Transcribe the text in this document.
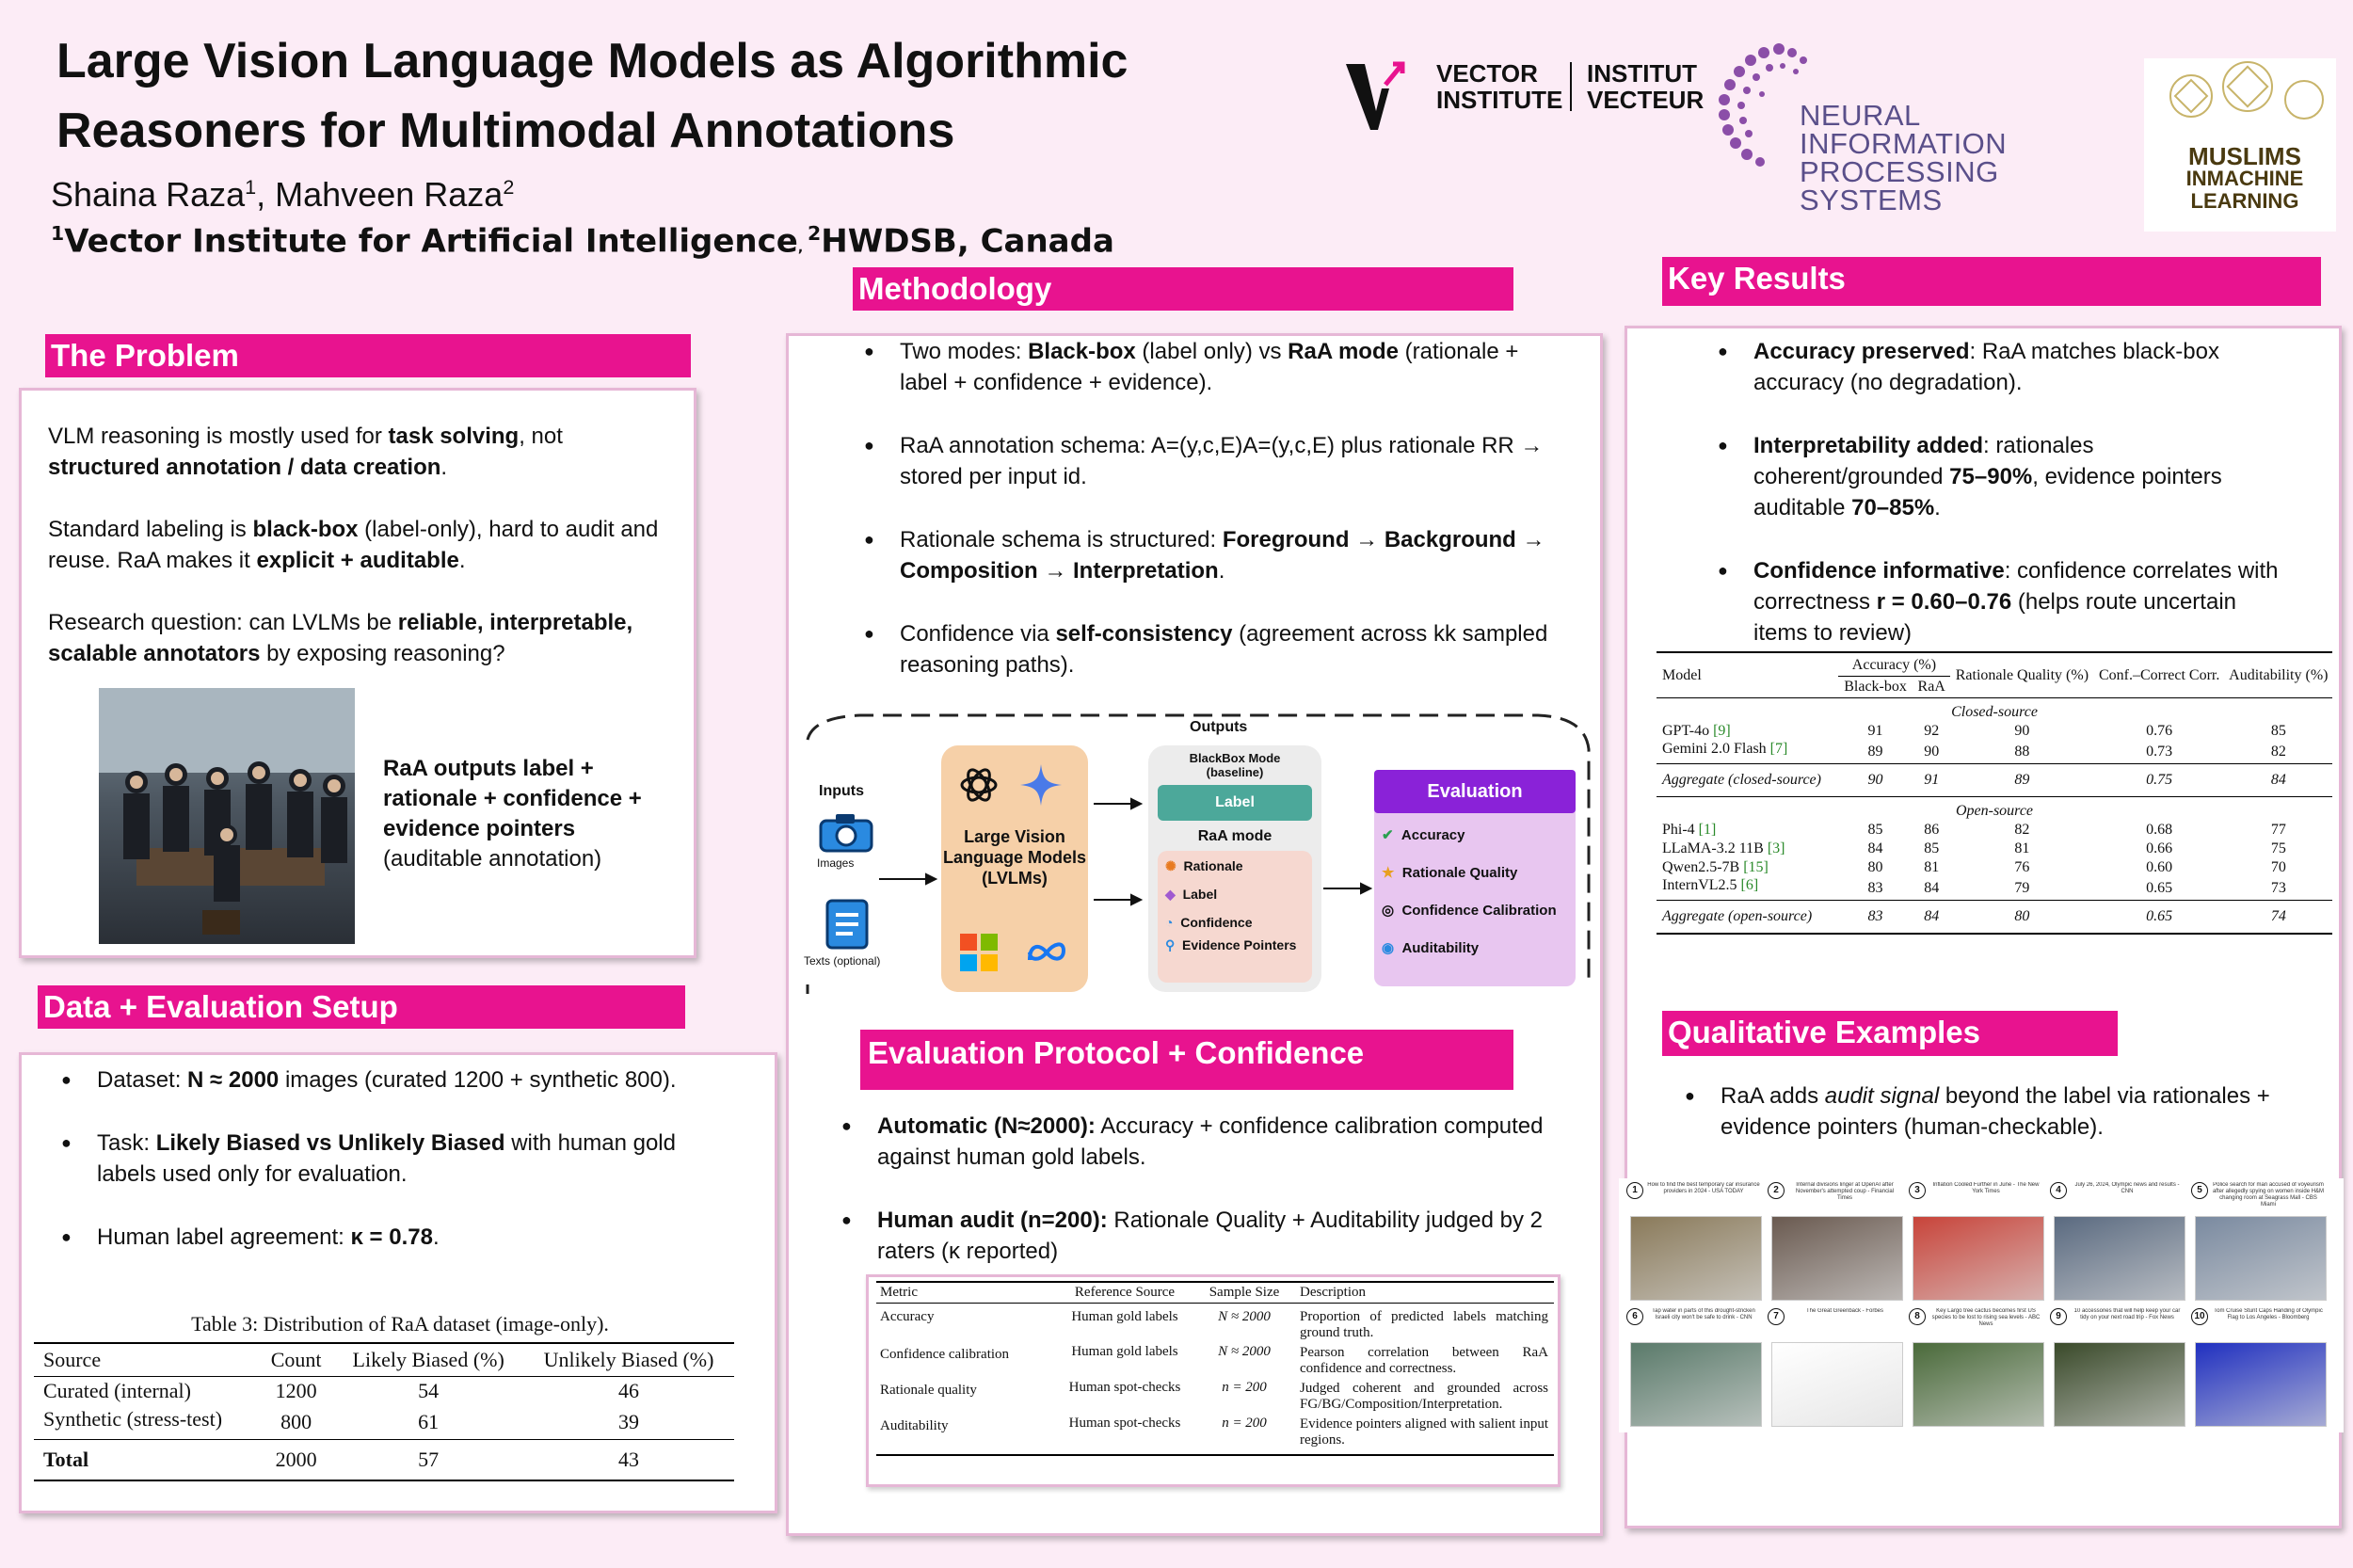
Large Vision Language Models as Algorithmic Reasoners for Multimodal Annotations
Shaina Raza$^1$, Mahveen Raza$^2$
$^1$Vector Institute for Artificial Intelligence, $^2$HWDSB, Canada
VECTOR
INSTITUTE
INSTITUT
VECTEUR	NEURAL INFORMATION
PROCESSING SYSTEMS
MUSLIMS
INMACHINE
LEARNING
The Problem

VLM reasoning is mostly used for task solving, not structured annotation / data creation.

Standard labeling is black-box (label-only), hard to audit and reuse. RaA makes it explicit + auditable.

Research question: can LVLMs be reliable, interpretable, scalable annotators by exposing reasoning?

RaA outputs label + rationale + confidence + evidence pointers
(auditable annotation)
Data + Evaluation Setup
● Dataset: N ≈ 2000 images (curated 1200 + synthetic 800).
● Task: Likely Biased vs Unlikely Biased with human gold labels used only for evaluation.
● Human label agreement: κ = 0.78.
Table 3: Distribution of RaA dataset (image-only).
Source	Count	Likely Biased (%)	Unlikely Biased (%)
Curated (internal)	1200	54	46
Synthetic (stress-test)	800	61	39
Total	2000	57	43
Methodology
● Two modes: Black-box (label only) vs RaA mode (rationale + label + confidence + evidence).
● RaA annotation schema: A=(y,c,E)A=(y,c,E) plus rationale RR → stored per input id.
● Rationale schema is structured: Foreground → Background → Composition → Interpretation.
● Confidence via self-consistency (agreement across kk sampled reasoning paths).
Inputs
Images
Texts (optional)
Large Vision Language Models (LVLMs)
Outputs
BlackBox Mode (baseline)
Label
RaA mode
✺ Rationale
◆ Label
◔ Confidence
⚲ Evidence Pointers
Evaluation
✔ Accuracy
★ Rationale Quality
◎ Confidence Calibration
◉ Auditability
Evaluation Protocol + Confidence
● Automatic (N≈2000): Accuracy + confidence calibration computed against human gold labels.
● Human audit (n=200): Rationale Quality + Auditability judged by 2 raters (κ reported)
Metric	Reference Source	Sample Size	Description
Accuracy	Human gold labels	N ≈ 2000	Proportion of predicted labels matching ground truth.
Confidence calibration	Human gold labels	N ≈ 2000	Pearson correlation between RaA confidence and correctness.
Rationale quality	Human spot-checks	n = 200	Judged coherent and grounded across FG/BG/Composition/Interpretation.
Auditability	Human spot-checks	n = 200	Evidence pointers aligned with salient input regions.
Key Results
● Accuracy preserved: RaA matches black-box accuracy (no degradation).
● Interpretability added: rationales coherent/grounded 75–90%, evidence pointers auditable 70–85%.
● Confidence informative: confidence correlates with correctness r = 0.60–0.76 (helps route uncertain items to review)
Model	Accuracy (%)		Rationale Quality (%)	Conf.–Correct Corr.	Auditability (%)
	Black-box	RaA			
Closed-source					
GPT-4o [9]	91	92	90	0.76	85
Gemini 2.0 Flash [7]	89	90	88	0.73	82
Aggregate (closed-source)	90	91	89	0.75	84
Open-source					
Phi-4 [1]	85	86	82	0.68	77
LLaMA-3.2 11B [3]	84	85	81	0.66	75
Qwen2.5-7B [15]	80	81	76	0.60	70
InternVL2.5 [6]	83	84	79	0.65	73
Aggregate (open-source)	83	84	80	0.65	74
Qualitative Examples
● RaA adds audit signal beyond the label via rationales + evidence pointers (human-checkable).
1	How to find the best temporary car insurance providers in 2024 - USA TODAY	2	Internal divisions linger at OpenAI after November's attempted coup - Financial Times
3	Inflation Cooled Further in June - The New York Times	4	July 26, 2024, Olympic news and results - CNN	5	Police search for man accused of voyeurism after allegedly spying on women inside H&M changing room at Seagrass Mall - CBS Miami
6	Tap water in parts of this drought-stricken Israeli city won't be safe to drink - CNN	7	The Great Greenback - Forbes	8	Key Largo tree cactus becomes first US species to be lost to rising sea levels - ABC News
9	10 accessories that will help keep your car tidy on your next road trip - Fox News	10	Tom Cruise Stunt Caps Handing of Olympic Flag to Los Angeles - Bloomberg
